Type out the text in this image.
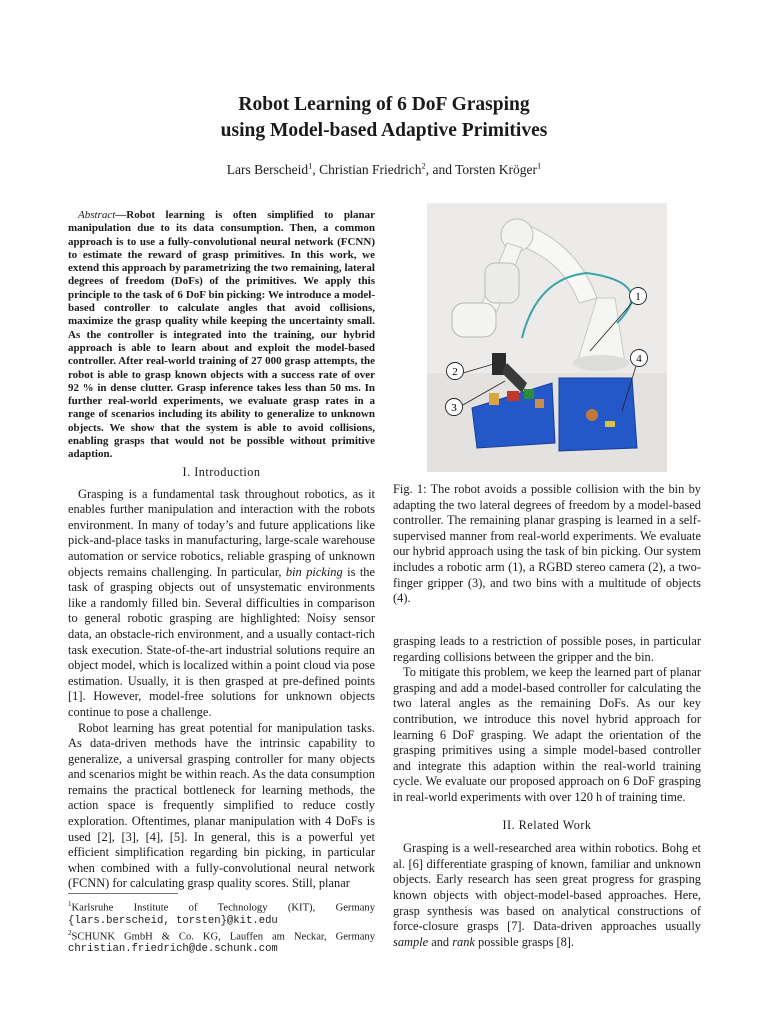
Robot Learning of 6 DoF Grasping
using Model-based Adaptive Primitives
Lars Berscheid$^1$, Christian Friedrich$^2$, and Torsten Kröger$^1$
Abstract—Robot learning is often simplified to planar manipulation due to its data consumption. Then, a common approach is to use a fully-convolutional neural network (FCNN) to estimate the reward of grasp primitives. In this work, we extend this approach by parametrizing the two remaining, lateral degrees of freedom (DoFs) of the primitives. We apply this principle to the task of 6 DoF bin picking: We introduce a model-based controller to calculate angles that avoid collisions, maximize the grasp quality while keeping the uncertainty small. As the controller is integrated into the training, our hybrid approach is able to learn about and exploit the model-based controller. After real-world training of 27 000 grasp attempts, the robot is able to grasp known objects with a success rate of over 92 % in dense clutter. Grasp inference takes less than 50 ms. In further real-world experiments, we evaluate grasp rates in a range of scenarios including its ability to generalize to unknown objects. We show that the system is able to avoid collisions, enabling grasps that would not be possible without primitive adaption.
I. Introduction

Grasping is a fundamental task throughout robotics, as it enables further manipulation and interaction with the robots environment. In many of today’s and future applications like pick-and-place tasks in manufacturing, large-scale warehouse automation or service robotics, reliable grasping of unknown objects remains challenging. In particular, bin picking is the task of grasping objects out of unsystematic environments like a randomly filled bin. Several difficulties in comparison to general robotic grasping are highlighted: Noisy sensor data, an obstacle-rich environment, and a usually contact-rich task execution. State-of-the-art industrial solutions require an object model, which is localized within a point cloud via pose estimation. Usually, it is then grasped at pre-defined points [1]. However, model-free solutions for unknown objects continue to pose a challenge.

Robot learning has great potential for manipulation tasks. As data-driven methods have the intrinsic capability to generalize, a universal grasping controller for many objects and scenarios might be within reach. As the data consumption remains the practical bottleneck for learning methods, the action space is frequently simplified to reduce costly exploration. Oftentimes, planar manipulation with 4 DoFs is used [2], [3], [4], [5]. In general, this is a powerful yet efficient simplification regarding bin picking, in particular when combined with a fully-convolutional neural network (FCNN) for calculating grasp quality scores. Still, planar

$^1$Karlsruhe Institute of Technology (KIT), Germany
{lars.berscheid, torsten}@kit.edu
$^2$SCHUNK GmbH & Co. KG, Lauffen am Neckar, Germany
christian.friedrich@de.schunk.com
1
2
3
4
Fig. 1: The robot avoids a possible collision with the bin by adapting the two lateral degrees of freedom by a model-based controller. The remaining planar grasping is learned in a self-supervised manner from real-world experiments. We evaluate our hybrid approach using the task of bin picking. Our system includes a robotic arm (1), a RGBD stereo camera (2), a two-finger gripper (3), and two bins with a multitude of objects (4).

grasping leads to a restriction of possible poses, in particular regarding collisions between the gripper and the bin.

To mitigate this problem, we keep the learned part of planar grasping and add a model-based controller for calculating the two lateral angles as the remaining DoFs. As our key contribution, we introduce this novel hybrid approach for learning 6 DoF grasping. We adapt the orientation of the grasping primitives using a simple model-based controller and integrate this adaption within the real-world training cycle. We evaluate our proposed approach on 6 DoF grasping in real-world experiments with over 120 h of training time.

II. Related Work

Grasping is a well-researched area within robotics. Bohg et al. [6] differentiate grasping of known, familiar and unknown objects. Early research has seen great progress for grasping known objects with object-model-based approaches. Here, grasp synthesis was based on analytical constructions of force-closure grasps [7]. Data-driven approaches usually sample and rank possible grasps [8].
